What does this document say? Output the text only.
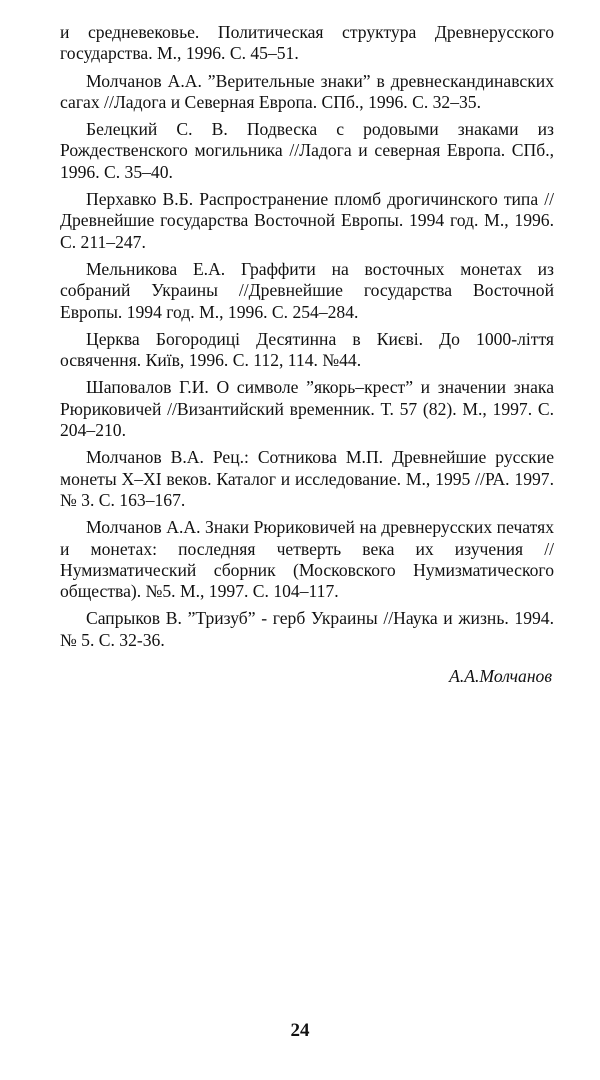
и средневековье. Политическая структура Древнерусского государства. М., 1996. С. 45–51.

Молчанов А.А. ”Верительные знаки” в древнескандинавских сагах //Ладога и Северная Европа. СПб., 1996. С. 32–35.

Белецкий С. В. Подвеска с родовыми знаками из Рождественского могильника //Ладога и северная Европа. СПб., 1996. С. 35–40.

Перхавко В.Б. Распространение пломб дрогичинского типа //Древнейшие государства Восточной Европы. 1994 год. М., 1996. С. 211–247.

Мельникова Е.А. Граффити на восточных монетах из собраний Украины //Древнейшие государства Восточной Европы. 1994 год. М., 1996. С. 254–284.

Церква Богородиці Десятинна в Києві. До 1000-ліття освячення. Київ, 1996. С. 112, 114. №44.

Шаповалов Г.И. О символе ”якорь–крест” и значении знака Рюриковичей //Византийский временник. Т. 57 (82). М., 1997. С. 204–210.

Молчанов В.А. Рец.: Сотникова М.П. Древнейшие русские монеты X–XI веков. Каталог и исследование. М., 1995 //РА. 1997. № 3. С. 163–167.

Молчанов А.А. Знаки Рюриковичей на древнерусских печатях и монетах: последняя четверть века их изучения //Нумизматический сборник (Московского Нумизматического общества). №5. М., 1997. С. 104–117.

Сапрыков В. ”Тризуб” - герб Украины //Наука и жизнь. 1994. № 5. С. 32-36.

А.А.Молчанов
24
